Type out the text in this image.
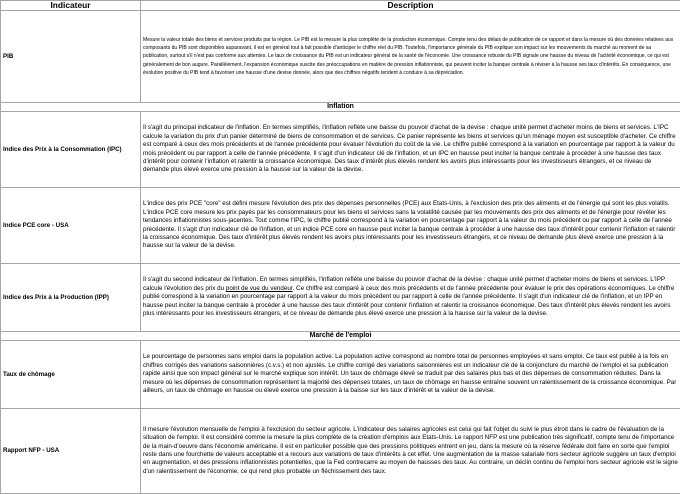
Indicateur	Description
PIB	Mesure la valeur totale des biens et services produits par la région. Le PIB est la mesure la plus complète de la production économique. Compte tenu des délais de publication de ce rapport et dans la mesure où des données relatives aux composants du PIB sont disponibles auparavant, il est en général tout à fait possible d'anticiper le chiffre réel du PIB. Toutefois, l'importance générale du PIB explique son impact sur les mouvements du marché au moment de sa publication, surtout s'il n'est pas conforme aux attentes. Le taux de croissance du PIB est un indicateur général de la santé de l'économie. Une croissance robuste du PIB signale une hausse du niveau de l'activité économique, ce qui est généralement de bon augure. Parallèlement, l'expansion économique suscite des préoccupations en matière de pression inflationniste, qui peuvent inciter la banque centrale à réviser à la hausse ses taux d'intérêts. En conséquence, une évolution positive du PIB tend à favoriser une hausse d'une devise donnée, alors que des chiffres négatifs tendent à conduire à sa dépréciation.
Inflation	
Indice des Prix à la Consommation (IPC)	Il s'agit du principal indicateur de l'inflation. En termes simplifiés, l'inflation reflète une baisse du pouvoir d'achat de la devise : chaque unité permet d'acheter moins de biens et services. L'IPC calcule la variation du prix d'un panier déterminé de biens de consommation et de services. Ce panier représente les biens et services qu'un ménage moyen est susceptible d'acheter. Ce chiffre est comparé à ceux des mois précédents et de l'année précédente pour évaluer l'évolution du coût de la vie. Le chiffre publié correspond à la variation en pourcentage par rapport à la valeur du mois précédent ou par rapport à celle de l'année précédente. Il s'agit d'un indicateur clé de l'inflation, et un IPC en hausse peut inciter la banque centrale à procéder à une hausse des taux d'intérêt pour contenir l'inflation et ralentir la croissance économique. Des taux d'intérêt plus élevés rendent les avoirs plus intéressants pour les investisseurs étrangers, et ce niveau de demande plus élevé exerce une pression à la hausse sur la valeur de la devise.
Indice PCE core - USA	L'indice des prix PCE "core" est défini mesure l'évolution des prix des dépenses personnelles (PCE) aux Etats-Unis, à l'exclusion des prix des aliments et de l'énergie qui sont les plus volatils. L'indice PCE core mesure les prix payés par les consommateurs pour les biens et services sans la volatilité causée par les mouvements des prix des aliments et de l'énergie pour révéler les tendances inflationnistes sous-jacentes. Tout comme l'IPC, le chiffre publié correspond à la variation en pourcentage par rapport à la valeur du mois précédent ou par rapport à celle de l'année précédente. Il s'agit d'un indicateur clé de l'inflation, et un indice PCE core en hausse peut inciter la banque centrale à procéder à une hausse des taux d'intérêt pour contenir l'inflation et ralentir la croissance économique. Des taux d'intérêt plus élevés rendent les avoirs plus intéressants pour les investisseurs étrangers, et ce niveau de demande plus élevé exerce une pression à la hausse sur la valeur de la devise.
Indice des Prix à la Production (IPP)	Il s'agit du second indicateur de l'inflation. En termes simplifiés, l'inflation reflète une baisse du pouvoir d'achat de la devise : chaque unité permet d'acheter moins de biens et services. L'IPP calcule l'évolution des prix du point de vue du vendeur. Ce chiffre est comparé à ceux des mois précédents et de l'année précédente pour évaluer le prix des opérations économiques. Le chiffre publié correspond à la variation en pourcentage par rapport à la valeur du mois précédent ou par rapport à celle de l'année précédente. Il s'agit d'un indicateur clé de l'inflation, et un IPP en hausse peut inciter la banque centrale à procéder à une hausse des taux d'intérêt pour contenir l'inflation et ralentir la croissance économique. Des taux d'intérêt plus élevés rendent les avoirs plus intéressants pour les investisseurs étrangers, et ce niveau de demande plus élevé exerce une pression à la hausse sur la valeur de la devise.
Marché de l'emploi	
Taux de chômage	Le pourcentage de personnes sans emploi dans la population active. La population active correspond au nombre total de personnes employées et sans emploi. Ce taux est publié à la fois en chiffres corrigés des variations saisonnières (c.v.s.) et non ajustés. Le chiffre corrigé des variations saisonnières est un indicateur clé de la conjoncture du marché de l'emploi et sa publication rapide ainsi que son impact général sur le marché explique son intérêt. Un taux de chômage élevé se traduit par des salaires plus bas et des dépenses de consommation réduites. Dans la mesure où les dépenses de consommation représentent la majorité des dépenses totales, un taux de chômage en hausse entraîne souvent un ralentissement de la croissance économique. Par ailleurs, un taux de chômage en hausse ou élevé exerce une pression à la baisse sur les taux d'intérêt et la valeur de la devise.
Rapport NFP - USA	Il mesure l'évolution mensuelle de l'emploi à l'exclusion du secteur agricole. L'indicateur des salaires agricoles est celui qui fait l'objet du suivi le plus étroit dans le cadre de l'évaluation de la situation de l'emploi. Il est considéré comme la mesure la plus complète de la création d'emplois aux Etats-Unis. Le rapport NFP est une publication très significatif, compte tenu de l'importance de la main-d'oeuvre dans l'économie américaine. Il est en particulier possible que des pressions politiques entrent en jeu, dans la mesure où la réserve fédérale doit faire en sorte que l'emploi reste dans une fourchette de valeurs acceptable et a recours aux variations de taux d'intérêts à cet effet. Une augmentation de la masse salariale hors secteur agricole suggère un taux d'emploi en augmentation, et des pressions inflationnistes potentielles, que la Fed contrecarre au moyen de hausses des taux. Au contraire, un déclin continu de l'emploi hors secteur agricole est le signe d'un ralentissement de l'économie, ce qui rend plus probable un fléchissement des taux.
